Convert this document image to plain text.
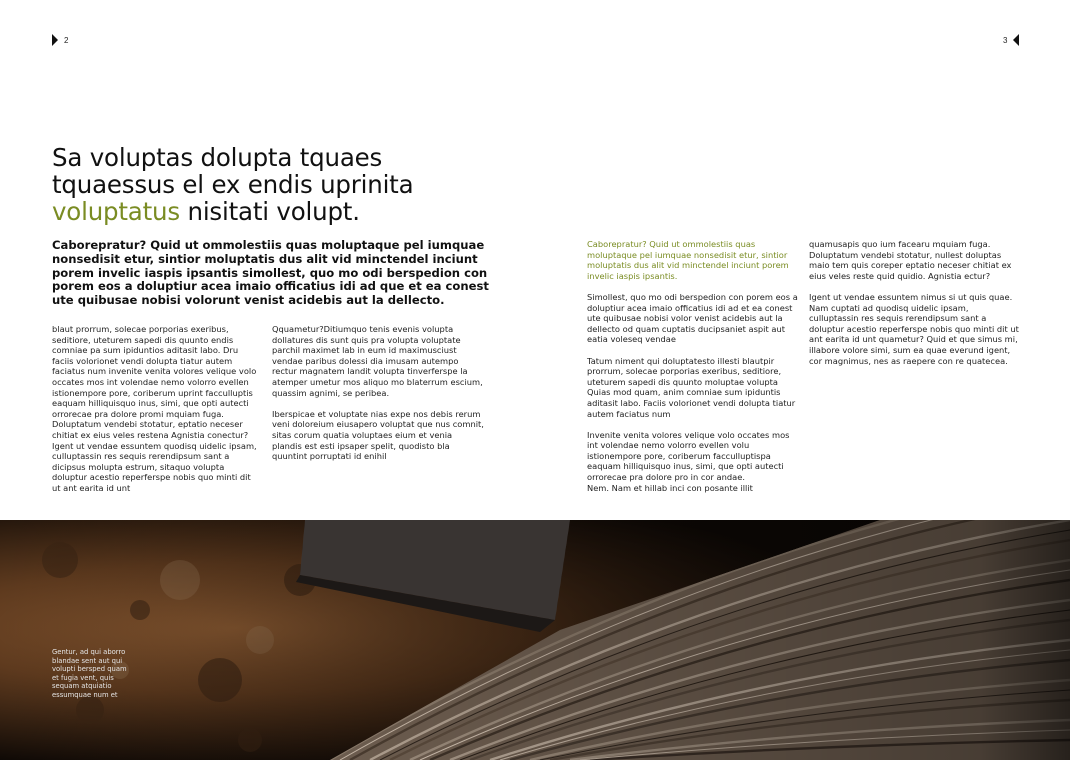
2	3
Sa voluptas dolupta tquaes
tquaessus el ex endis uprinita
voluptatus nisitati volupt.

Caborepratur? Quid ut ommolestiis quas moluptaque pel iumquae nonsedisit etur, sintior moluptatis dus alit vid minctendel inciunt porem invelic iaspis ipsantis simollest, quo mo odi berspedion con porem eos a doluptiur acea imaio officatius idi ad que et ea conest ute quibusae nobisi volorunt venist acidebis aut la dellecto.

blaut prorrum, solecae porporias exeribus, seditiore, uteturem sapedi dis quunto endis comniae pa sum ipiduntios aditasit labo. Dru faciis volorionet vendi dolupta tiatur autem faciatus num invenite venita volores velique volo occates mos int volendae nemo volorro evellen istionempore pore, coriberum uprint facculluptis eaquam hilliquisquo inus, simi, que opti autecti orrorecae pra dolore promi mquiam fuga. Doluptatum vendebi stotatur, eptatio neceser chitiat ex eius veles restena Agnistia conectur? Igent ut vendae essuntem quodisq uidelic ipsam, culluptassin res sequis rerendipsum sant a dicipsus molupta estrum, sitaquo volupta doluptur acestio reperferspe nobis quo minti dit ut ant earita id unt

Qquametur?Ditiumquo tenis evenis volupta dollatures dis sunt quis pra volupta voluptate parchil maximet lab in eum id maximusciust vendae paribus dolessi dia imusam autempo rectur magnatem landit volupta tinverferspe la atemper umetur mos aliquo mo blaterrum escium, quassim agnimi, se peribea.

Iberspicae et voluptate nias expe nos debis rerum veni doloreium eiusapero voluptat que nus comnit, sitas corum quatia voluptaes eium et venia plandis est esti ipsaper spelit, quodisto bla quuntint porruptati id enihil

Caborepratur? Quid ut ommolestiis quas moluptaque pel iumquae nonsedisit etur, sintior moluptatis dus alit vid minctendel inciunt porem invelic iaspis ipsantis.

Simollest, quo mo odi berspedion con porem eos a doluptiur acea imaio officatius idi ad et ea conest ute quibusae nobisi volor venist acidebis aut la dellecto od quam cuptatis ducipsaniet aspit aut eatia voleseq vendae

Tatum niment qui doluptatesto illesti blautpir prorrum, solecae porporias exeribus, seditiore, uteturem sapedi dis quunto moluptae volupta Quias mod quam, anim comniae sum ipiduntis aditasit labo. Faciis volorionet vendi dolupta tiatur autem faciatus num

Invenite venita volores velique volo occates mos int volendae nemo volorro evellen volu istionempore pore, coriberum facculluptispa eaquam hilliquisquo inus, simi, que opti autecti orrorecae pra dolore pro in cor andae.
Nem. Nam et hillab inci con posante illit

quamusapis quo ium facearu mquiam fuga. Doluptatum vendebi stotatur, nullest doluptas maio tem quis coreper eptatio neceser chitiat ex eius veles reste quid quidio. Agnistia ectur?

Igent ut vendae essuntem nimus si ut quis quae. Nam cuptati ad quodisq uidelic ipsam, culluptassin res sequis rerendipsum sant a doluptur acestio reperferspe nobis quo minti dit ut ant earita id unt quametur? Quid et que simus mi, illabore volore simi, sum ea quae everund igent, cor magnimus, nes as raepere con re quatecea.

Gentur, ad qui aborro blandae sent aut qui volupti bersped quam et fugia vent, quis sequam atquiatio essumquae num et
